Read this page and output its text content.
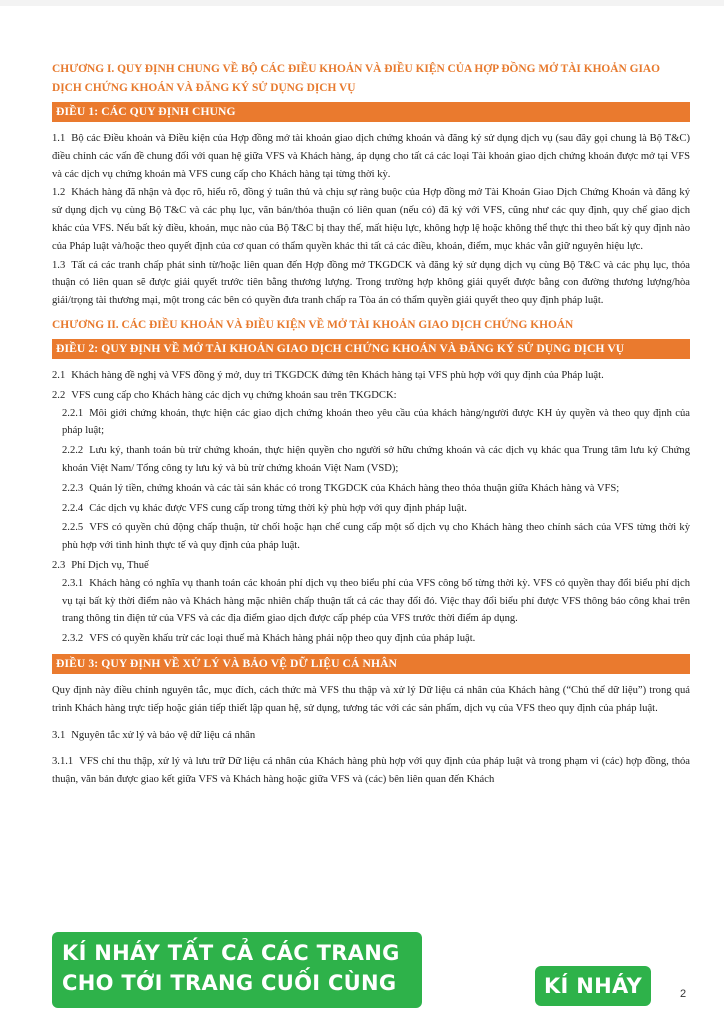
CHƯƠNG I. QUY ĐỊNH CHUNG VỀ BỘ CÁC ĐIỀU KHOẢN VÀ ĐIỀU KIỆN CỦA HỢP ĐỒNG MỞ TÀI KHOẢN GIAO DỊCH CHỨNG KHOÁN VÀ ĐĂNG KÝ SỬ DỤNG DỊCH VỤ
ĐIỀU 1: CÁC QUY ĐỊNH CHUNG

1.1 Bộ các Điều khoản và Điều kiện của Hợp đồng mở tài khoản giao dịch chứng khoán và đăng ký sử dụng dịch vụ (sau đây gọi chung là Bộ T&C) điều chỉnh các vấn đề chung đối với quan hệ giữa VFS và Khách hàng, áp dụng cho tất cả các loại Tài khoản giao dịch chứng khoán được mở tại VFS và các dịch vụ chứng khoán mà VFS cung cấp cho Khách hàng tại từng thời kỳ.

1.2 Khách hàng đã nhận và đọc rõ, hiểu rõ, đồng ý tuân thủ và chịu sự ràng buộc của Hợp đồng mở Tài Khoản Giao Dịch Chứng Khoán và đăng ký sử dụng dịch vụ cùng Bộ T&C và các phụ lục, văn bản/thỏa thuận có liên quan (nếu có) đã ký với VFS, cũng như các quy định, quy chế giao dịch khác của VFS. Nếu bất kỳ điều, khoản, mục nào của Bộ T&C bị thay thế, mất hiệu lực, không hợp lệ hoặc không thể thực thi theo bất kỳ quy định nào của Pháp luật và/hoặc theo quyết định của cơ quan có thẩm quyền khác thì tất cả các điều, khoản, điểm, mục khác vẫn giữ nguyên hiệu lực.

1.3 Tất cả các tranh chấp phát sinh từ/hoặc liên quan đến Hợp đồng mở TKGDCK và đăng ký sử dụng dịch vụ cùng Bộ T&C và các phụ lục, thỏa thuận có liên quan sẽ được giải quyết trước tiên bằng thương lượng. Trong trường hợp không giải quyết được bằng con đường thương lượng/hòa giải/trọng tài thương mại, một trong các bên có quyền đưa tranh chấp ra Tòa án có thẩm quyền giải quyết theo quy định pháp luật.

CHƯƠNG II. CÁC ĐIỀU KHOẢN VÀ ĐIỀU KIỆN VỀ MỞ TÀI KHOẢN GIAO DỊCH CHỨNG KHOÁN
ĐIỀU 2: QUY ĐỊNH VỀ MỞ TÀI KHOẢN GIAO DỊCH CHỨNG KHOÁN VÀ ĐĂNG KÝ SỬ DỤNG DỊCH VỤ

2.1 Khách hàng đề nghị và VFS đồng ý mở, duy trì TKGDCK đứng tên Khách hàng tại VFS phù hợp với quy định của Pháp luật.

2.2 VFS cung cấp cho Khách hàng các dịch vụ chứng khoán sau trên TKGDCK:

2.2.1 Môi giới chứng khoán, thực hiện các giao dịch chứng khoán theo yêu cầu của khách hàng/người được KH ủy quyền và theo quy định của pháp luật;

2.2.2 Lưu ký, thanh toán bù trừ chứng khoán, thực hiện quyền cho người sở hữu chứng khoán và các dịch vụ khác qua Trung tâm lưu ký Chứng khoán Việt Nam/ Tổng công ty lưu ký và bù trừ chứng khoán Việt Nam (VSD);

2.2.3 Quản lý tiền, chứng khoán và các tài sản khác có trong TKGDCK của Khách hàng theo thỏa thuận giữa Khách hàng và VFS;

2.2.4 Các dịch vụ khác được VFS cung cấp trong từng thời kỳ phù hợp với quy định pháp luật.

2.2.5 VFS có quyền chủ động chấp thuận, từ chối hoặc hạn chế cung cấp một số dịch vụ cho Khách hàng theo chính sách của VFS từng thời kỳ phù hợp với tình hình thực tế và quy định của pháp luật.

2.3 Phí Dịch vụ, Thuế

2.3.1 Khách hàng có nghĩa vụ thanh toán các khoản phí dịch vụ theo biểu phí của VFS công bố từng thời kỳ. VFS có quyền thay đổi biểu phí dịch vụ tại bất kỳ thời điểm nào và Khách hàng mặc nhiên chấp thuận tất cả các thay đổi đó. Việc thay đổi biểu phí được VFS thông báo công khai trên trang thông tin điện tử của VFS và các địa điểm giao dịch được cấp phép của VFS trước thời điểm áp dụng.

2.3.2 VFS có quyền khấu trừ các loại thuế mà Khách hàng phải nộp theo quy định của pháp luật.

ĐIỀU 3: QUY ĐỊNH VỀ XỬ LÝ VÀ BẢO VỆ DỮ LIỆU CÁ NHÂN

Quy định này điều chỉnh nguyên tắc, mục đích, cách thức mà VFS thu thập và xử lý Dữ liệu cá nhân của Khách hàng (“Chủ thể dữ liệu”) trong quá trình Khách hàng trực tiếp hoặc gián tiếp thiết lập quan hệ, sử dụng, tương tác với các sản phẩm, dịch vụ của VFS theo quy định của pháp luật.

3.1 Nguyên tắc xử lý và bảo vệ dữ liệu cá nhân

3.1.1 VFS chỉ thu thập, xử lý và lưu trữ Dữ liệu cá nhân của Khách hàng phù hợp với quy định của pháp luật và trong phạm vi (các) hợp đồng, thỏa thuận, văn bản được giao kết giữa VFS và Khách hàng hoặc giữa VFS và (các) bên liên quan đến Khách

KÍ NHÁY TẤT CẢ CÁC TRANG
CHO TỚI TRANG CUỐI CÙNG	KÍ NHÁY	2
